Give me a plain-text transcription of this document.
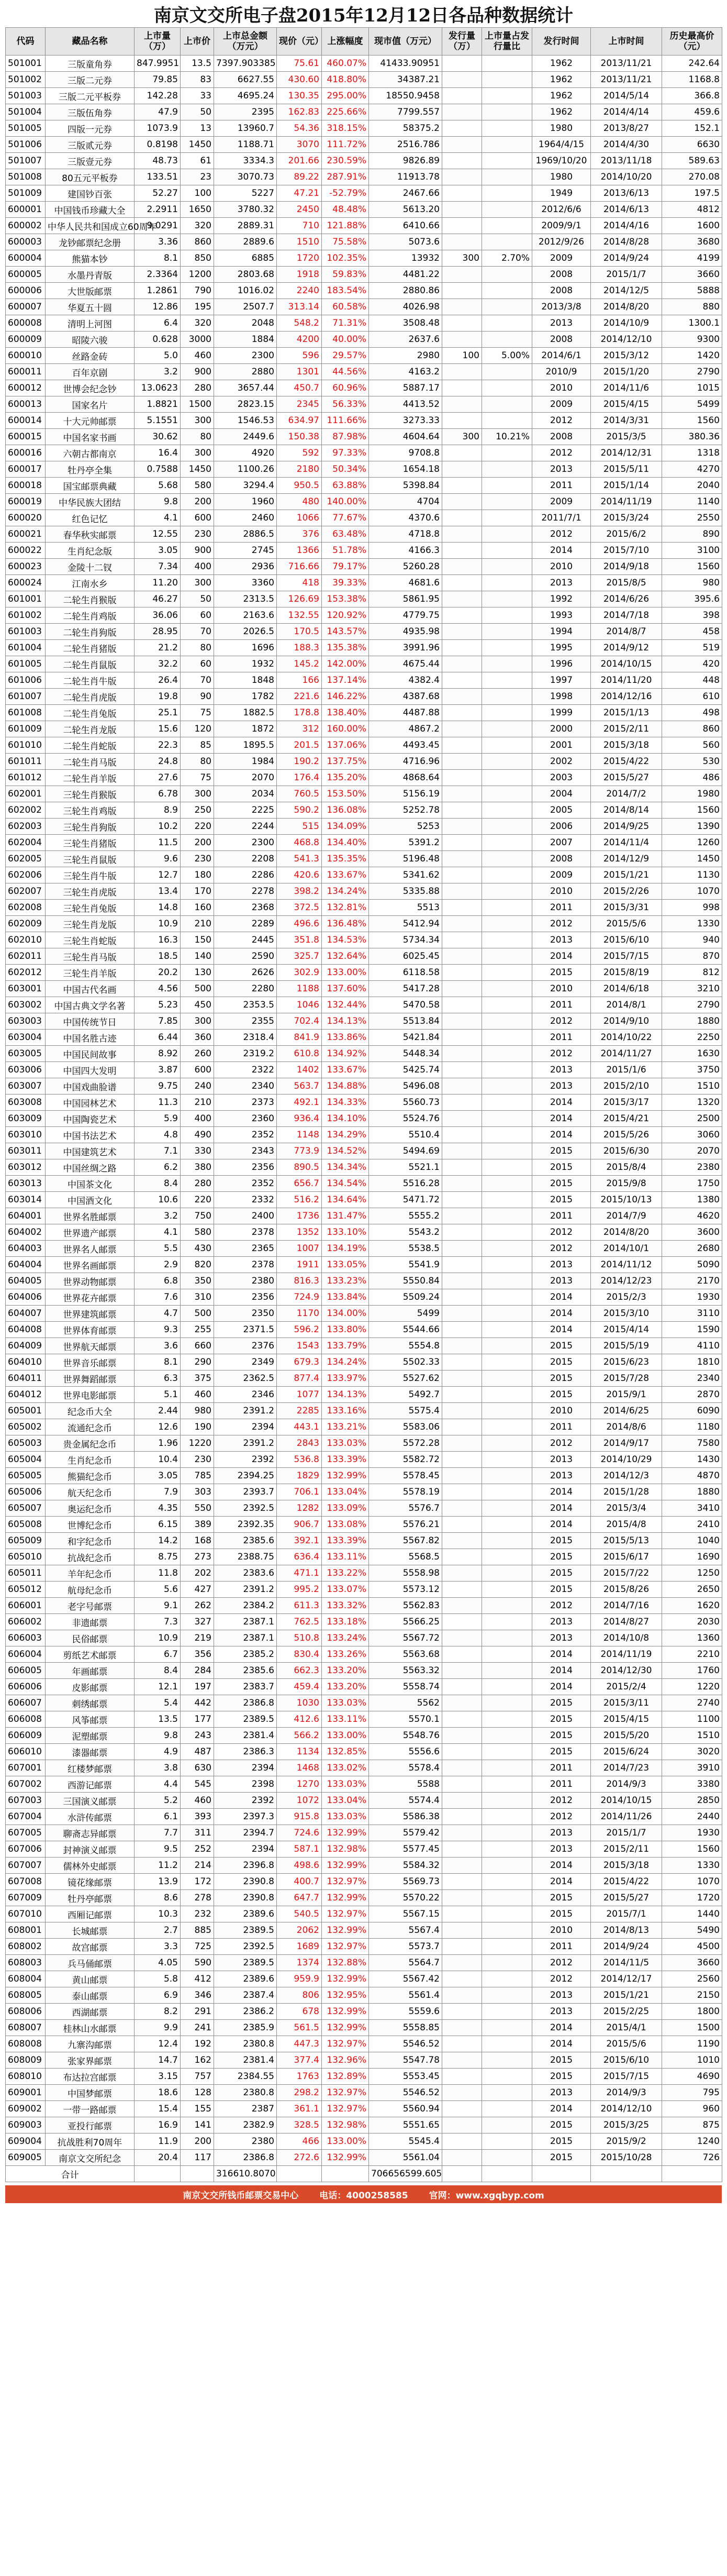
南京文交所电子盘2015年12月12日各品种数据统计
代码	藏品名称	上市量（万）	上市价	上市总金额（万元）	现价（元）	上涨幅度	现市值（万元）	发行量（万）	上市量占发行量比	发行时间	上市时间	历史最高价（元）
501001	三版童角券	847.9951	13.5	7397.903385	75.61	460.07%	41433.90951			1962	2013/11/21	242.64
501002	三版二元券	79.85	83	6627.55	430.60	418.80%	34387.21			1962	2013/11/21	1168.8
501003	三版二元平板券	142.28	33	4695.24	130.35	295.00%	18550.9458			1962	2014/5/14	366.8
501004	三版伍角券	47.9	50	2395	162.83	225.66%	7799.557			1962	2014/4/14	459.6
501005	四版一元券	1073.9	13	13960.7	54.36	318.15%	58375.2			1980	2013/8/27	152.1
501006	三版贰元券	0.8198	1450	1188.71	3070	111.72%	2516.786			1964/4/15	2014/4/30	6630
501007	三版壹元券	48.73	61	3334.3	201.66	230.59%	9826.89			1969/10/20	2013/11/18	589.63
501008	80五元平板券	133.51	23	3070.73	89.22	287.91%	11913.78			1980	2014/10/20	270.08
501009	建国钞百张	52.27	100	5227	47.21	-52.79%	2467.66			1949	2013/6/13	197.5
600001	中国钱币珍藏大全	2.2911	1650	3780.32	2450	48.48%	5613.20			2012/6/6	2014/6/13	4812
600002	中华人民共和国成立60周年	9.0291	320	2889.31	710	121.88%	6410.66			2009/9/1	2014/4/16	1600
600003	龙钞邮票纪念册	3.36	860	2889.6	1510	75.58%	5073.6			2012/9/26	2014/8/28	3680
600004	熊猫本钞	8.1	850	6885	1720	102.35%	13932	300	2.70%	2009	2014/9/24	4199
600005	水墨丹青版	2.3364	1200	2803.68	1918	59.83%	4481.22			2008	2015/1/7	3660
600006	大世版邮票	1.2861	790	1016.02	2240	183.54%	2880.86			2008	2014/12/5	5888
600007	华夏五十圆	12.86	195	2507.7	313.14	60.58%	4026.98			2013/3/8	2014/8/20	880
600008	清明上河图	6.4	320	2048	548.2	71.31%	3508.48			2013	2014/10/9	1300.1
600009	昭陵六骏	0.628	3000	1884	4200	40.00%	2637.6			2008	2014/12/10	9300
600010	丝路金砖	5.0	460	2300	596	29.57%	2980	100	5.00%	2014/6/1	2015/3/12	1420
600011	百年京剧	3.2	900	2880	1301	44.56%	4163.2			2010/9	2015/1/20	2790
600012	世博会纪念钞	13.0623	280	3657.44	450.7	60.96%	5887.17			2010	2014/11/6	1015
600013	国家名片	1.8821	1500	2823.15	2345	56.33%	4413.52			2009	2015/4/15	5499
600014	十大元帅邮票	5.1551	300	1546.53	634.97	111.66%	3273.33			2012	2014/3/31	1560
600015	中国名家书画	30.62	80	2449.6	150.38	87.98%	4604.64	300	10.21%	2008	2015/3/5	380.36
600016	六朝古都南京	16.4	300	4920	592	97.33%	9708.8			2012	2014/12/31	1318
600017	牡丹亭全集	0.7588	1450	1100.26	2180	50.34%	1654.18			2013	2015/5/11	4270
600018	国宝邮票典藏	5.68	580	3294.4	950.5	63.88%	5398.84			2011	2015/1/14	2040
600019	中华民族大团结	9.8	200	1960	480	140.00%	4704			2009	2014/11/19	1140
600020	红色记忆	4.1	600	2460	1066	77.67%	4370.6			2011/7/1	2015/3/24	2550
600021	春华秋实邮票	12.55	230	2886.5	376	63.48%	4718.8			2012	2015/6/2	890
600022	生肖纪念版	3.05	900	2745	1366	51.78%	4166.3			2014	2015/7/10	3100
600023	金陵十二钗	7.34	400	2936	716.66	79.17%	5260.28			2010	2014/9/18	1560
600024	江南水乡	11.20	300	3360	418	39.33%	4681.6			2013	2015/8/5	980
601001	二轮生肖猴版	46.27	50	2313.5	126.69	153.38%	5861.95			1992	2014/6/26	395.6
601002	二轮生肖鸡版	36.06	60	2163.6	132.55	120.92%	4779.75			1993	2014/7/18	398
601003	二轮生肖狗版	28.95	70	2026.5	170.5	143.57%	4935.98			1994	2014/8/7	458
601004	二轮生肖猪版	21.2	80	1696	188.3	135.38%	3991.96			1995	2014/9/12	519
601005	二轮生肖鼠版	32.2	60	1932	145.2	142.00%	4675.44			1996	2014/10/15	420
601006	二轮生肖牛版	26.4	70	1848	166	137.14%	4382.4			1997	2014/11/20	448
601007	二轮生肖虎版	19.8	90	1782	221.6	146.22%	4387.68			1998	2014/12/16	610
601008	二轮生肖兔版	25.1	75	1882.5	178.8	138.40%	4487.88			1999	2015/1/13	498
601009	二轮生肖龙版	15.6	120	1872	312	160.00%	4867.2			2000	2015/2/11	860
601010	二轮生肖蛇版	22.3	85	1895.5	201.5	137.06%	4493.45			2001	2015/3/18	560
601011	二轮生肖马版	24.8	80	1984	190.2	137.75%	4716.96			2002	2015/4/22	530
601012	二轮生肖羊版	27.6	75	2070	176.4	135.20%	4868.64			2003	2015/5/27	486
602001	三轮生肖猴版	6.78	300	2034	760.5	153.50%	5156.19			2004	2014/7/2	1980
602002	三轮生肖鸡版	8.9	250	2225	590.2	136.08%	5252.78			2005	2014/8/14	1560
602003	三轮生肖狗版	10.2	220	2244	515	134.09%	5253			2006	2014/9/25	1390
602004	三轮生肖猪版	11.5	200	2300	468.8	134.40%	5391.2			2007	2014/11/4	1260
602005	三轮生肖鼠版	9.6	230	2208	541.3	135.35%	5196.48			2008	2014/12/9	1450
602006	三轮生肖牛版	12.7	180	2286	420.6	133.67%	5341.62			2009	2015/1/21	1130
602007	三轮生肖虎版	13.4	170	2278	398.2	134.24%	5335.88			2010	2015/2/26	1070
602008	三轮生肖兔版	14.8	160	2368	372.5	132.81%	5513			2011	2015/3/31	998
602009	三轮生肖龙版	10.9	210	2289	496.6	136.48%	5412.94			2012	2015/5/6	1330
602010	三轮生肖蛇版	16.3	150	2445	351.8	134.53%	5734.34			2013	2015/6/10	940
602011	三轮生肖马版	18.5	140	2590	325.7	132.64%	6025.45			2014	2015/7/15	870
602012	三轮生肖羊版	20.2	130	2626	302.9	133.00%	6118.58			2015	2015/8/19	812
603001	中国古代名画	4.56	500	2280	1188	137.60%	5417.28			2010	2014/6/18	3210
603002	中国古典文学名著	5.23	450	2353.5	1046	132.44%	5470.58			2011	2014/8/1	2790
603003	中国传统节日	7.85	300	2355	702.4	134.13%	5513.84			2012	2014/9/10	1880
603004	中国名胜古迹	6.44	360	2318.4	841.9	133.86%	5421.84			2011	2014/10/22	2250
603005	中国民间故事	8.92	260	2319.2	610.8	134.92%	5448.34			2012	2014/11/27	1630
603006	中国四大发明	3.87	600	2322	1402	133.67%	5425.74			2013	2015/1/6	3750
603007	中国戏曲脸谱	9.75	240	2340	563.7	134.88%	5496.08			2013	2015/2/10	1510
603008	中国园林艺术	11.3	210	2373	492.1	134.33%	5560.73			2014	2015/3/17	1320
603009	中国陶瓷艺术	5.9	400	2360	936.4	134.10%	5524.76			2014	2015/4/21	2500
603010	中国书法艺术	4.8	490	2352	1148	134.29%	5510.4			2014	2015/5/26	3060
603011	中国建筑艺术	7.1	330	2343	773.9	134.52%	5494.69			2015	2015/6/30	2070
603012	中国丝绸之路	6.2	380	2356	890.5	134.34%	5521.1			2015	2015/8/4	2380
603013	中国茶文化	8.4	280	2352	656.7	134.54%	5516.28			2015	2015/9/8	1750
603014	中国酒文化	10.6	220	2332	516.2	134.64%	5471.72			2015	2015/10/13	1380
604001	世界名胜邮票	3.2	750	2400	1736	131.47%	5555.2			2011	2014/7/9	4620
604002	世界遗产邮票	4.1	580	2378	1352	133.10%	5543.2			2012	2014/8/20	3600
604003	世界名人邮票	5.5	430	2365	1007	134.19%	5538.5			2012	2014/10/1	2680
604004	世界名画邮票	2.9	820	2378	1911	133.05%	5541.9			2013	2014/11/12	5090
604005	世界动物邮票	6.8	350	2380	816.3	133.23%	5550.84			2013	2014/12/23	2170
604006	世界花卉邮票	7.6	310	2356	724.9	133.84%	5509.24			2014	2015/2/3	1930
604007	世界建筑邮票	4.7	500	2350	1170	134.00%	5499			2014	2015/3/10	3110
604008	世界体育邮票	9.3	255	2371.5	596.2	133.80%	5544.66			2014	2015/4/14	1590
604009	世界航天邮票	3.6	660	2376	1543	133.79%	5554.8			2015	2015/5/19	4110
604010	世界音乐邮票	8.1	290	2349	679.3	134.24%	5502.33			2015	2015/6/23	1810
604011	世界舞蹈邮票	6.3	375	2362.5	877.4	133.97%	5527.62			2015	2015/7/28	2340
604012	世界电影邮票	5.1	460	2346	1077	134.13%	5492.7			2015	2015/9/1	2870
605001	纪念币大全	2.44	980	2391.2	2285	133.16%	5575.4			2010	2014/6/25	6090
605002	流通纪念币	12.6	190	2394	443.1	133.21%	5583.06			2011	2014/8/6	1180
605003	贵金属纪念币	1.96	1220	2391.2	2843	133.03%	5572.28			2012	2014/9/17	7580
605004	生肖纪念币	10.4	230	2392	536.8	133.39%	5582.72			2013	2014/10/29	1430
605005	熊猫纪念币	3.05	785	2394.25	1829	132.99%	5578.45			2013	2014/12/3	4870
605006	航天纪念币	7.9	303	2393.7	706.1	133.04%	5578.19			2014	2015/1/28	1880
605007	奥运纪念币	4.35	550	2392.5	1282	133.09%	5576.7			2014	2015/3/4	3410
605008	世博纪念币	6.15	389	2392.35	906.7	133.08%	5576.21			2014	2015/4/8	2410
605009	和字纪念币	14.2	168	2385.6	392.1	133.39%	5567.82			2015	2015/5/13	1040
605010	抗战纪念币	8.75	273	2388.75	636.4	133.11%	5568.5			2015	2015/6/17	1690
605011	羊年纪念币	11.8	202	2383.6	471.1	133.22%	5558.98			2015	2015/7/22	1250
605012	航母纪念币	5.6	427	2391.2	995.2	133.07%	5573.12			2015	2015/8/26	2650
606001	老字号邮票	9.1	262	2384.2	611.3	133.32%	5562.83			2012	2014/7/16	1620
606002	非遗邮票	7.3	327	2387.1	762.5	133.18%	5566.25			2013	2014/8/27	2030
606003	民俗邮票	10.9	219	2387.1	510.8	133.24%	5567.72			2013	2014/10/8	1360
606004	剪纸艺术邮票	6.7	356	2385.2	830.4	133.26%	5563.68			2014	2014/11/19	2210
606005	年画邮票	8.4	284	2385.6	662.3	133.20%	5563.32			2014	2014/12/30	1760
606006	皮影邮票	12.1	197	2383.7	459.4	133.20%	5558.74			2014	2015/2/4	1220
606007	刺绣邮票	5.4	442	2386.8	1030	133.03%	5562			2015	2015/3/11	2740
606008	风筝邮票	13.5	177	2389.5	412.6	133.11%	5570.1			2015	2015/4/15	1100
606009	泥塑邮票	9.8	243	2381.4	566.2	133.00%	5548.76			2015	2015/5/20	1510
606010	漆器邮票	4.9	487	2386.3	1134	132.85%	5556.6			2015	2015/6/24	3020
607001	红楼梦邮票	3.8	630	2394	1468	133.02%	5578.4			2011	2014/7/23	3910
607002	西游记邮票	4.4	545	2398	1270	133.03%	5588			2011	2014/9/3	3380
607003	三国演义邮票	5.2	460	2392	1072	133.04%	5574.4			2012	2014/10/15	2850
607004	水浒传邮票	6.1	393	2397.3	915.8	133.03%	5586.38			2012	2014/11/26	2440
607005	聊斋志异邮票	7.7	311	2394.7	724.6	132.99%	5579.42			2013	2015/1/7	1930
607006	封神演义邮票	9.5	252	2394	587.1	132.98%	5577.45			2013	2015/2/11	1560
607007	儒林外史邮票	11.2	214	2396.8	498.6	132.99%	5584.32			2014	2015/3/18	1330
607008	镜花缘邮票	13.9	172	2390.8	400.7	132.97%	5569.73			2014	2015/4/22	1070
607009	牡丹亭邮票	8.6	278	2390.8	647.7	132.99%	5570.22			2015	2015/5/27	1720
607010	西厢记邮票	10.3	232	2389.6	540.5	132.97%	5567.15			2015	2015/7/1	1440
608001	长城邮票	2.7	885	2389.5	2062	132.99%	5567.4			2010	2014/8/13	5490
608002	故宫邮票	3.3	725	2392.5	1689	132.97%	5573.7			2011	2014/9/24	4500
608003	兵马俑邮票	4.05	590	2389.5	1374	132.88%	5564.7			2012	2014/11/5	3660
608004	黄山邮票	5.8	412	2389.6	959.9	132.99%	5567.42			2012	2014/12/17	2560
608005	泰山邮票	6.9	346	2387.4	806	132.95%	5561.4			2013	2015/1/21	2150
608006	西湖邮票	8.2	291	2386.2	678	132.99%	5559.6			2013	2015/2/25	1800
608007	桂林山水邮票	9.9	241	2385.9	561.5	132.99%	5558.85			2014	2015/4/1	1500
608008	九寨沟邮票	12.4	192	2380.8	447.3	132.97%	5546.52			2014	2015/5/6	1190
608009	张家界邮票	14.7	162	2381.4	377.4	132.96%	5547.78			2015	2015/6/10	1010
608010	布达拉宫邮票	3.15	757	2384.55	1763	132.89%	5553.45			2015	2015/7/15	4690
609001	中国梦邮票	18.6	128	2380.8	298.2	132.97%	5546.52			2013	2014/9/3	795
609002	一带一路邮票	15.4	155	2387	361.1	132.97%	5560.94			2014	2014/12/10	960
609003	亚投行邮票	16.9	141	2382.9	328.5	132.98%	5551.65			2015	2015/3/25	875
609004	抗战胜利70周年	11.9	200	2380	466	133.00%	5545.4			2015	2015/9/2	1240
609005	南京文交所纪念	20.4	117	2386.8	272.6	132.99%	5561.04			2015	2015/10/28	726
合计				316610.8070			706656599.605					
南京文交所钱币邮票交易中心 电话：4000258585 官网：www.xgqbyp.com
